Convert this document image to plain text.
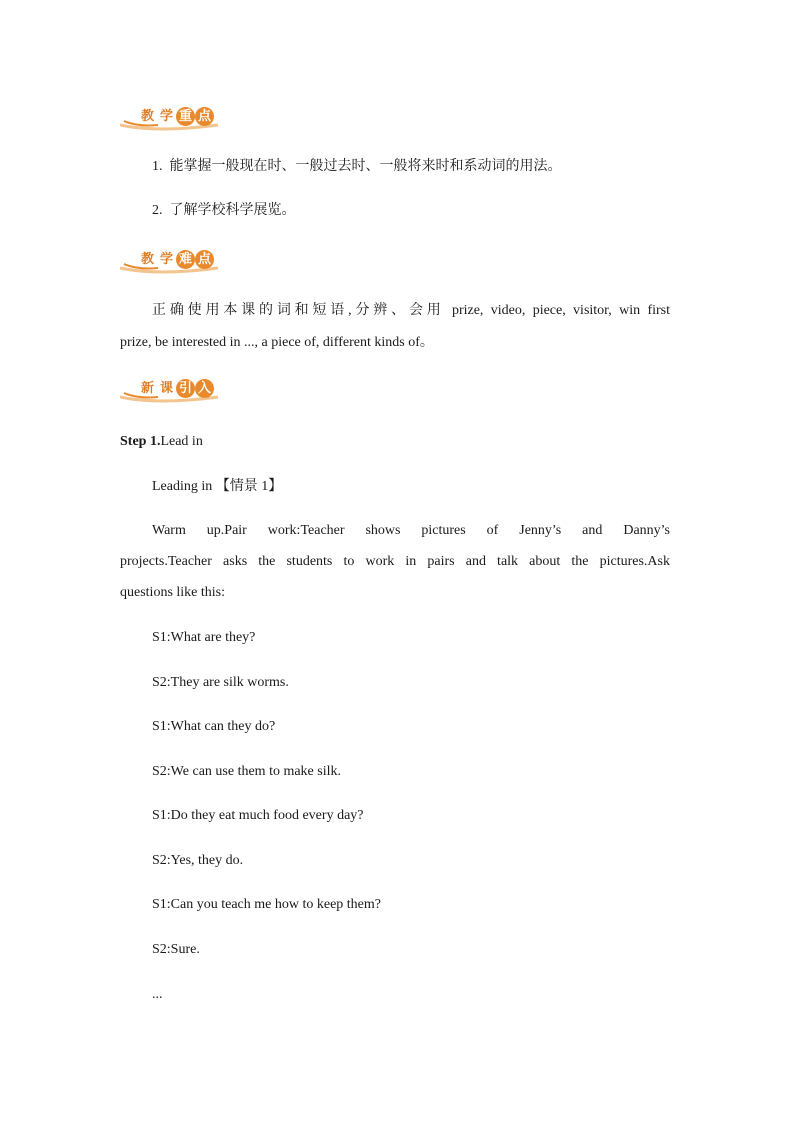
教 学 重 点
1. 能掌握一般现在时、一般过去时、一般将来时和系动词的用法。
2. 了解学校科学展览。
教 学 难 点
正确使用本课的词和短语,分辨、会用 prize, video, piece, visitor, win first
prize, be interested in ..., a piece of, different kinds of。
新 课 引 入
Step 1.Lead in
Leading in 【情景 1】
Warm up.Pair work:Teacher shows pictures of Jenny’s and Danny’s
projects.Teacher asks the students to work in pairs and talk about the pictures.Ask
questions like this:
S1:What are they?
S2:They are silk worms.
S1:What can they do?
S2:We can use them to make silk.
S1:Do they eat much food every day?
S2:Yes, they do.
S1:Can you teach me how to keep them?
S2:Sure.
...
